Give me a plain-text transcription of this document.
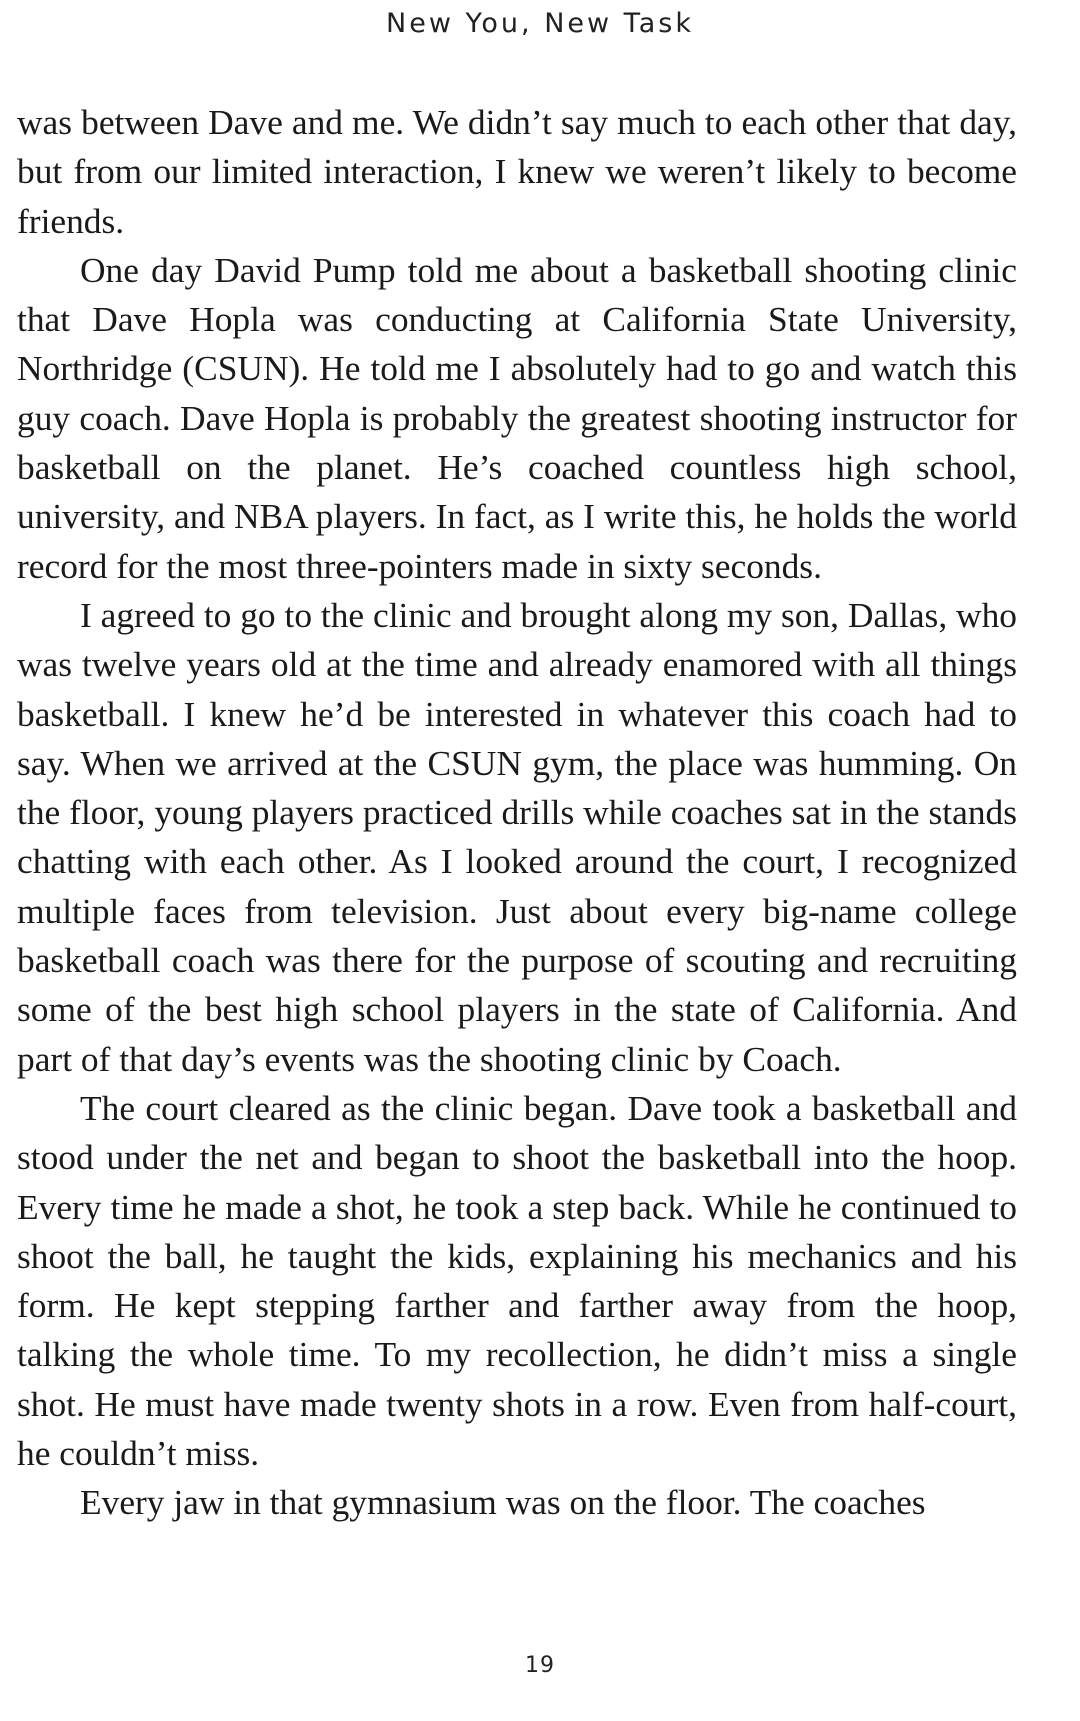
New You, New Task

was between Dave and me. We didn’t say much to each other that day, but from our limited interaction, I knew we weren’t likely to become friends.

One day David Pump told me about a basketball shooting clinic that Dave Hopla was conducting at California State University, Northridge (CSUN). He told me I absolutely had to go and watch this guy coach. Dave Hopla is probably the greatest shooting instructor for basketball on the planet. He’s coached countless high school, university, and NBA players. In fact, as I write this, he holds the world record for the most three-pointers made in sixty seconds.

I agreed to go to the clinic and brought along my son, Dallas, who was twelve years old at the time and already enamored with all things basketball. I knew he’d be interested in whatever this coach had to say. When we arrived at the CSUN gym, the place was humming. On the floor, young players practiced drills while coaches sat in the stands chatting with each other. As I looked around the court, I recognized multiple faces from television. Just about every big-name college basketball coach was there for the purpose of scouting and recruiting some of the best high school players in the state of California. And part of that day’s events was the shooting clinic by Coach.

The court cleared as the clinic began. Dave took a basketball and stood under the net and began to shoot the basketball into the hoop. Every time he made a shot, he took a step back. While he continued to shoot the ball, he taught the kids, explaining his mechanics and his form. He kept stepping farther and farther away from the hoop, talking the whole time. To my recollection, he didn’t miss a single shot. He must have made twenty shots in a row. Even from half-court, he couldn’t miss.

Every jaw in that gymnasium was on the floor. The coaches

19
